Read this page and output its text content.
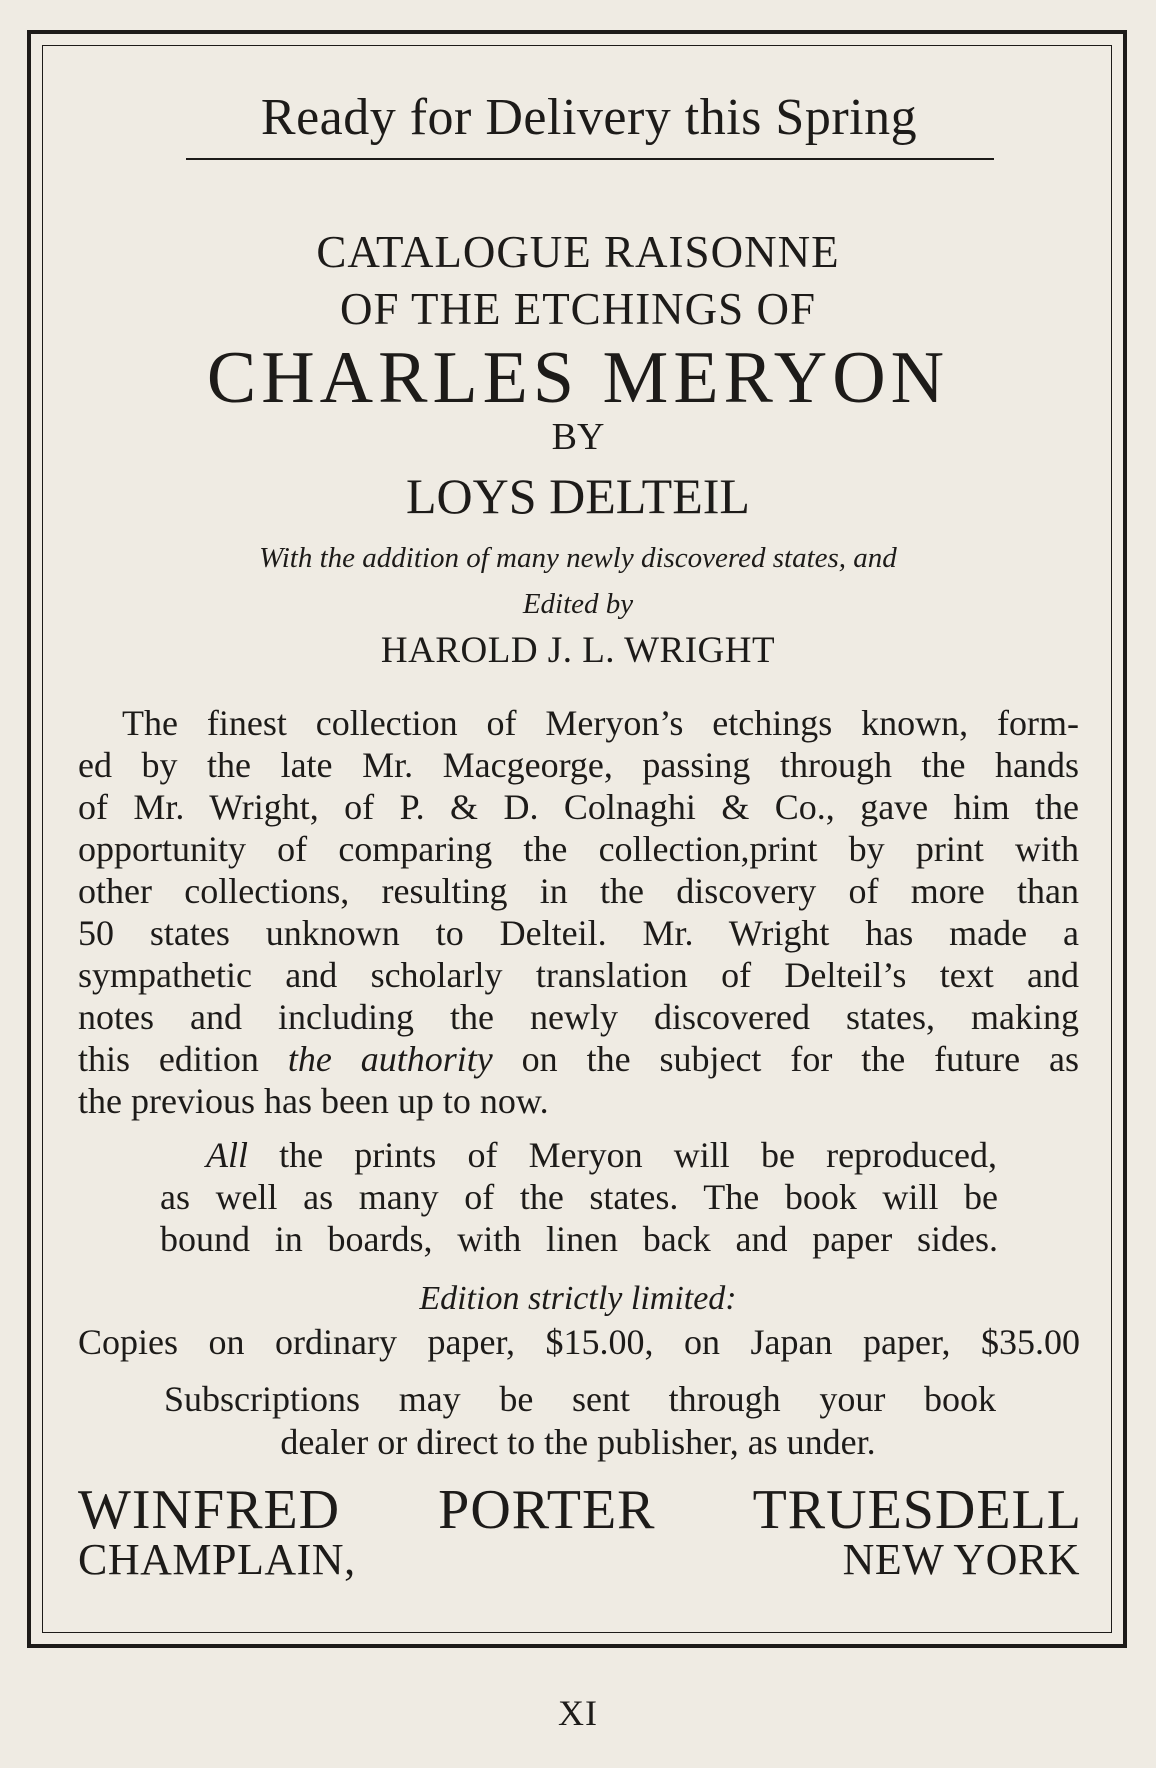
Ready for Delivery this Spring
CATALOGUE RAISONNE
OF THE ETCHINGS OF
CHARLES MERYON
BY
LOYS DELTEIL
With the addition of many newly discovered states, and
Edited by
HAROLD J. L. WRIGHT
The finest collection of Meryon’s etchings known, form-
ed by the late Mr. Macgeorge, passing through the hands
of Mr. Wright, of P. & D. Colnaghi & Co., gave him the
opportunity of comparing the collection,print by print with
other collections, resulting in the discovery of more than
50 states unknown to Delteil. Mr. Wright has made a
sympathetic and scholarly translation of Delteil’s text and
notes and including the newly discovered states, making
this edition the authority on the subject for the future as
the previous has been up to now.
All the prints of Meryon will be reproduced,
as well as many of the states. The book will be
bound in boards, with linen back and paper sides.
Edition strictly limited:
Copies on ordinary paper, $15.00, on Japan paper, $35.00
Subscriptions may be sent through your book
dealer or direct to the publisher, as under.
WINFRED PORTER TRUESDELL
CHAMPLAIN,	NEW YORK
XI
